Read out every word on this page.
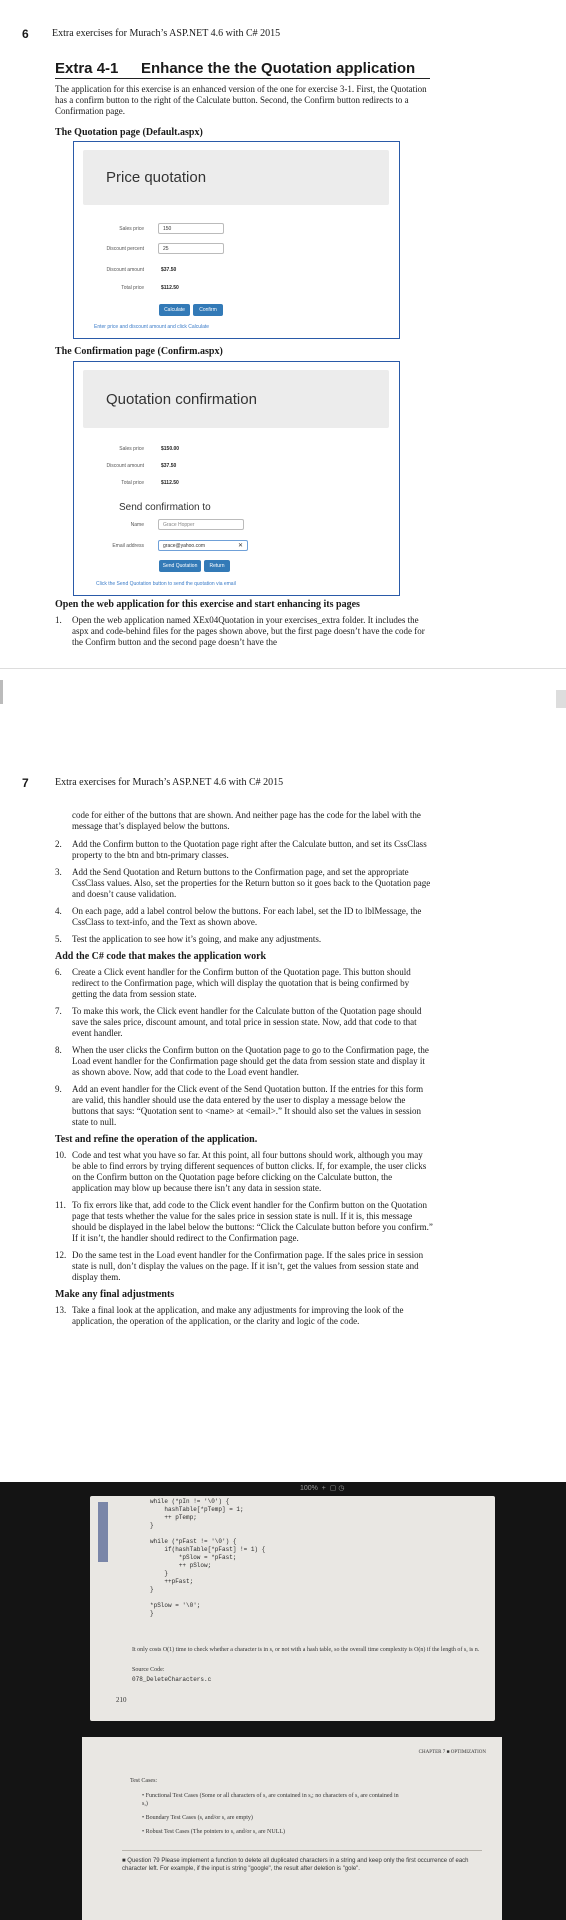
6 Extra exercises for Murach’s ASP.NET 4.6 with C# 2015
Extra 4-1 Enhance the the Quotation application
The application for this exercise is an enhanced version of the one for exercise 3-1. First, the Quotation has a confirm button to the right of the Calculate button. Second, the Confirm button redirects to a Confirmation page.
The Quotation page (Default.aspx)
Price quotation
Sales price	150
Discount percent	25
Discount amount	$37.50
Total price	$112.50
Calculate	Confirm
Enter price and discount amount and click Calculate
The Confirmation page (Confirm.aspx)
Quotation confirmation
Sales price	$150.00
Discount amount	$37.50
Total price	$112.50
Send confirmation to
Name	Grace Hopper
Email address	grace@yahoo.com	✕
Send Quotation	Return
Click the Send Quotation button to send the quotation via email
Open the web application for this exercise and start enhancing its pages
1.	Open the web application named XEx04Quotation in your exercises_extra folder. It includes the aspx and code-behind files for the pages shown above, but the first page doesn’t have the code for the Confirm button and the second page doesn’t have the
7	Extra exercises for Murach’s ASP.NET 4.6 with C# 2015
code for either of the buttons that are shown. And neither page has the code for the label with the message that’s displayed below the buttons.
2. Add the Confirm button to the Quotation page right after the Calculate button, and set its CssClass property to the btn and btn-primary classes.
3. Add the Send Quotation and Return buttons to the Confirmation page, and set the appropriate CssClass values. Also, set the properties for the Return button so it goes back to the Quotation page and doesn’t cause validation.
4. On each page, add a label control below the buttons. For each label, set the ID to lblMessage, the CssClass to text-info, and the Text as shown above.
5. Test the application to see how it’s going, and make any adjustments.
Add the C# code that makes the application work
6. Create a Click event handler for the Confirm button of the Quotation page. This button should redirect to the Confirmation page, which will display the quotation that is being confirmed by getting the data from session state.
7. To make this work, the Click event handler for the Calculate button of the Quotation page should save the sales price, discount amount, and total price in session state. Now, add that code to that event handler.
8. When the user clicks the Confirm button on the Quotation page to go to the Confirmation page, the Load event handler for the Confirmation page should get the data from session state and display it as shown above. Now, add that code to the Load event handler.
9. Add an event handler for the Click event of the Send Quotation button. If the entries for this form are valid, this handler should use the data entered by the user to display a message below the buttons that says: “Quotation sent to <name> at <email>.” It should also set the values in session state to null.
Test and refine the operation of the application.
10. Code and test what you have so far. At this point, all four buttons should work, although you may be able to find errors by trying different sequences of button clicks. If, for example, the user clicks on the Confirm button on the Quotation page before clicking on the Calculate button, the application may blow up because there isn’t any data in session state.
11. To fix errors like that, add code to the Click event handler for the Confirm button on the Quotation page that tests whether the value for the sales price in session state is null. If it is, this message should be displayed in the label below the buttons: “Click the Calculate button before you confirm.” If it isn’t, the handler should redirect to the Confirmation page.
12. Do the same test in the Load event handler for the Confirmation page. If the sales price in session state is null, don’t display the values on the page. If it isn’t, get the values from session state and display them.
Make any final adjustments
13. Take a final look at the application, and make any adjustments for improving the look of the application, the operation of the application, or the clarity and logic of the code.
100%  +  ▢ ◷
while (*pIn != '\0') {
hashTable[*pTemp] = 1;
++ pTemp;
}
while (*pFast != '\0') {
if(hashTable[*pFast] != 1) {
*pSlow = *pFast;
++ pSlow;
}
++pFast;
}
*pSlow = '\0';
}
It only costs O(1) time to check whether a character is in s, or not with a hash table, so the overall time complexity is O(n) if the length of s, is n.
Source Code:
078_DeleteCharacters.c
210
CHAPTER 7 ■ OPTIMIZATION
Test Cases:
• Functional Test Cases (Some or all characters of s, are contained in s,; no characters of s, are contained in s,)
• Boundary Test Cases (s, and/or s, are empty)
• Robust Test Cases (The pointers to s, and/or s, are NULL)
■ Question 79 Please implement a function to delete all duplicated characters in a string and keep only the first occurrence of each character left. For example, if the input is string "google", the result after deletion is "gole".
